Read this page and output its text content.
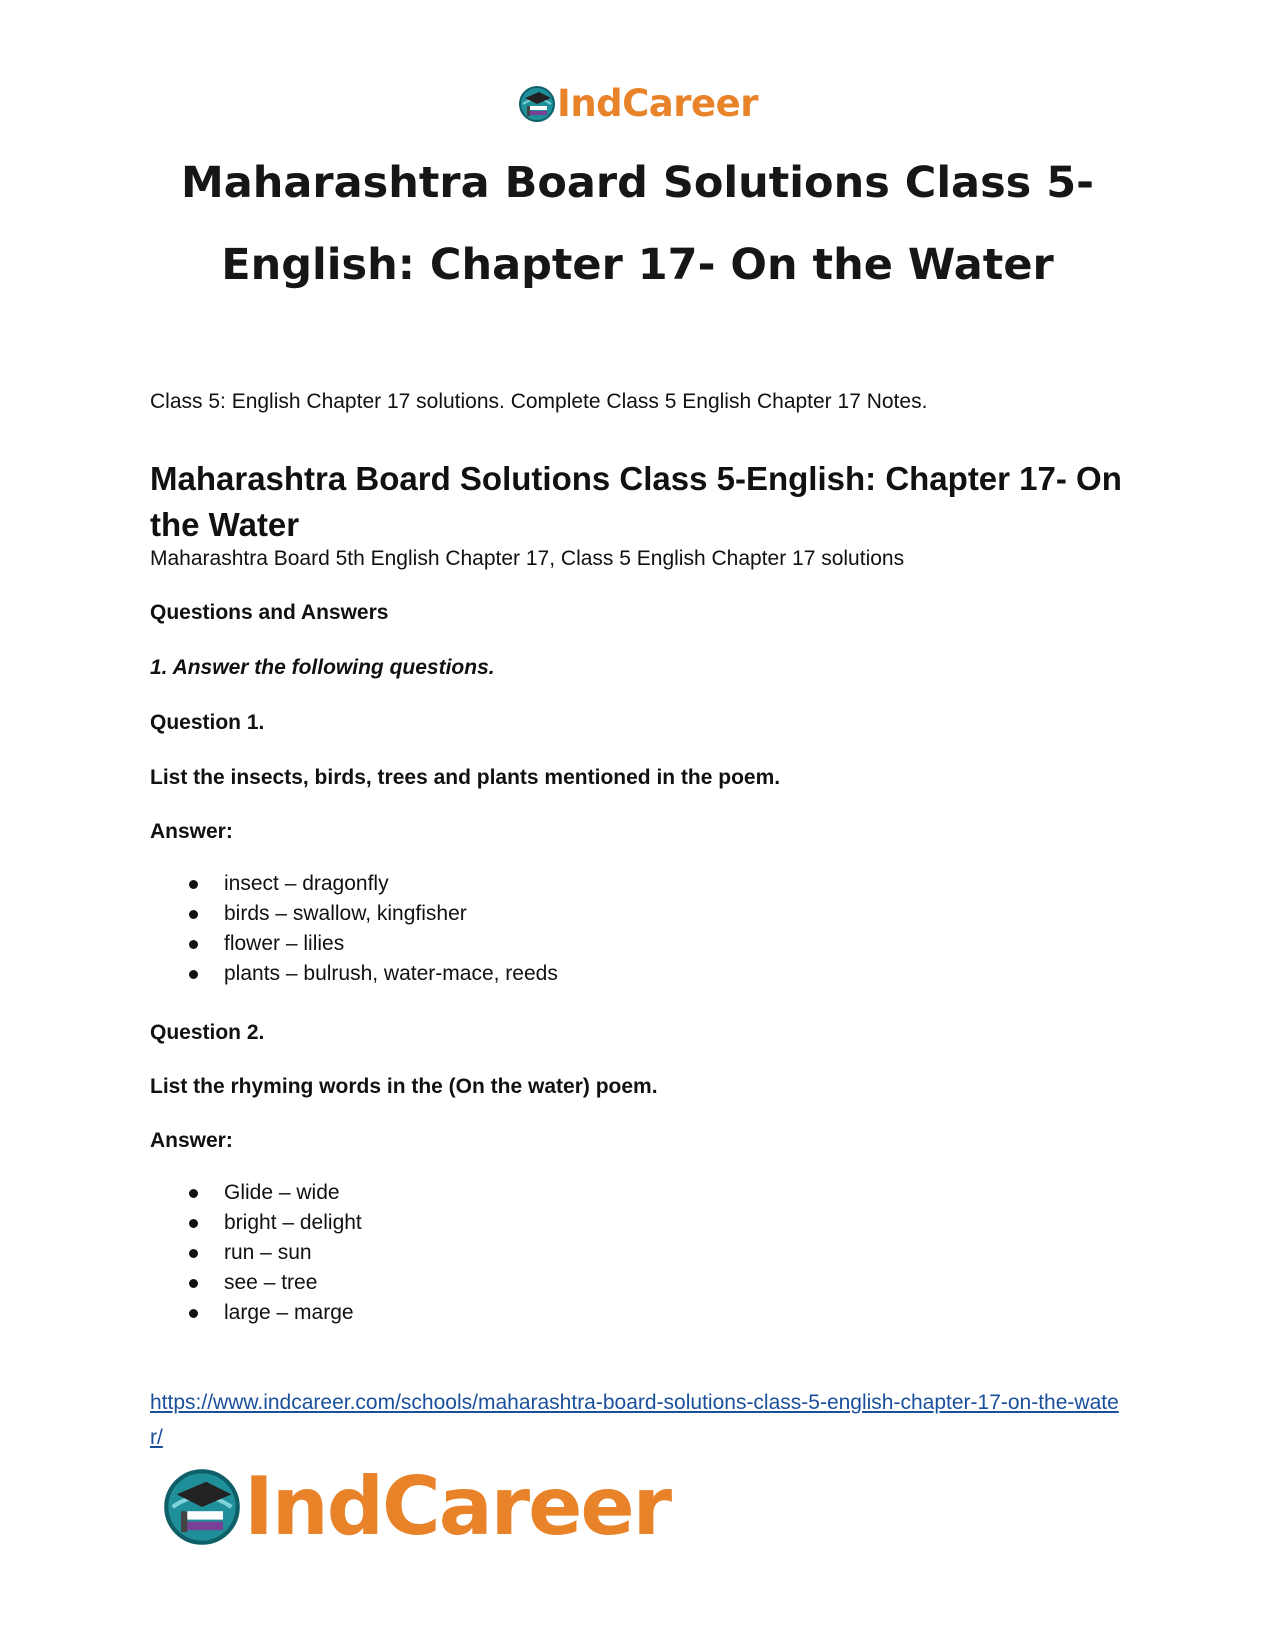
IndCareer
Maharashtra Board Solutions Class 5-English: Chapter 17- On the Water
Class 5: English Chapter 17 solutions. Complete Class 5 English Chapter 17 Notes.
Maharashtra Board Solutions Class 5-English: Chapter 17- On the Water

Maharashtra Board 5th English Chapter 17, Class 5 English Chapter 17 solutions

Questions and Answers

1. Answer the following questions.

Question 1.

List the insects, birds, trees and plants mentioned in the poem.

Answer:

insect – dragonfly
birds – swallow, kingfisher
flower – lilies
plants – bulrush, water-mace, reeds

Question 2.

List the rhyming words in the (On the water) poem.

Answer:

Glide – wide
bright – delight
run – sun
see – tree
large – marge
https://www.indcareer.com/schools/maharashtra-board-solutions-class-5-english-chapter-17-on-the-water/
IndCareer
